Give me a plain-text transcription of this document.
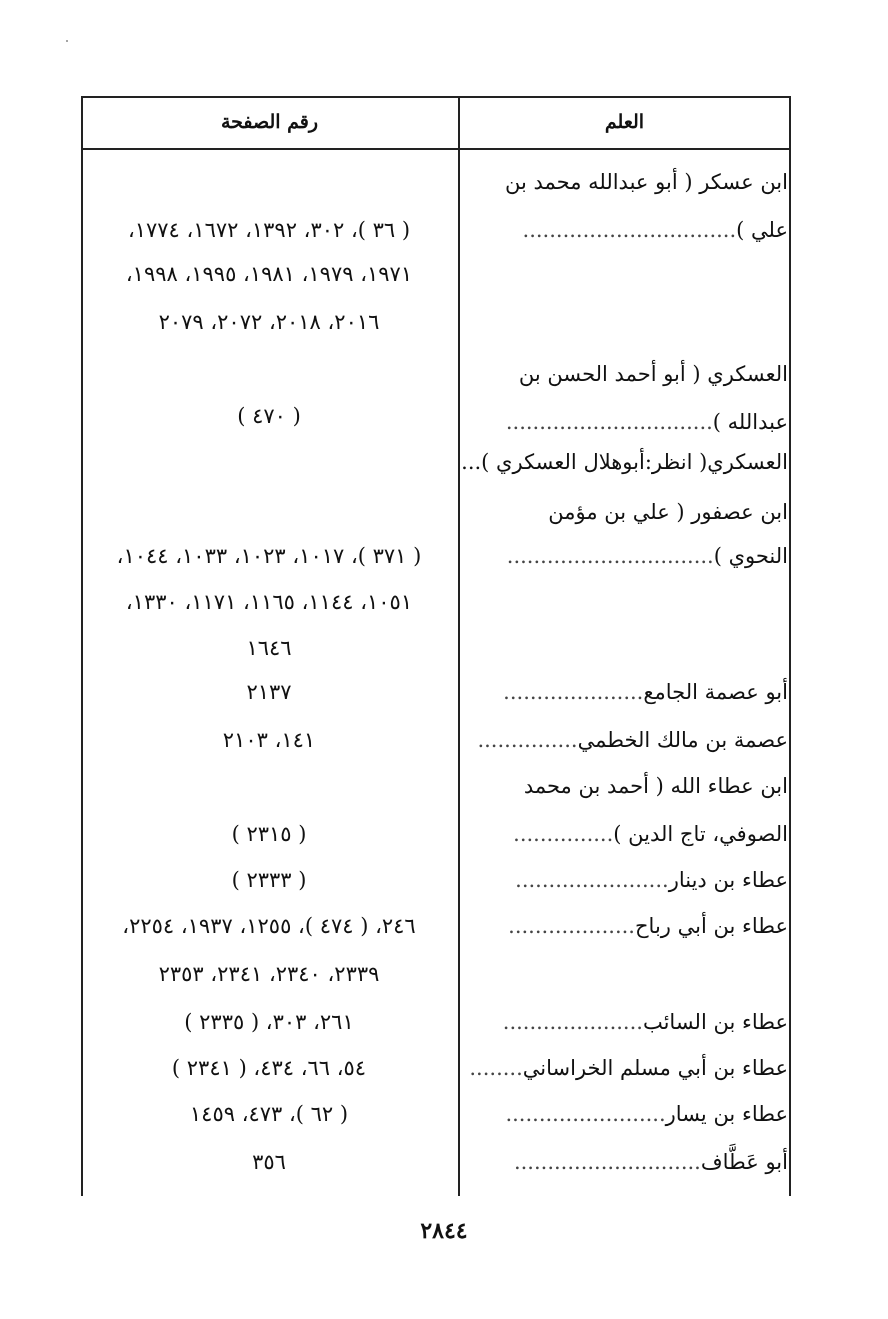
العلم
رقم الصفحة
ابن عسكر ( أبو عبدالله محمد بن
علي )................................
العسكري ( أبو أحمد الحسن بن
عبدالله )...............................
العسكري( انظر:أبوهلال العسكري )...
ابن عصفور ( علي بن مؤمن
النحوي )...............................
أبو عصمة الجامع.....................
عصمة بن مالك الخطمي...............
ابن عطاء الله ( أحمد بن محمد
الصوفي، تاج الدين )...............
عطاء بن دينار.......................
عطاء بن أبي رباح...................
عطاء بن السائب.....................
عطاء بن أبي مسلم الخراساني........
عطاء بن يسار........................
أبو عَطَّاف............................
( ٣٦ )، ٣٠٢، ١٣٩٢، ١٦٧٢، ١٧٧٤،
١٩٧١، ١٩٧٩، ١٩٨١، ١٩٩٥، ١٩٩٨،
٢٠١٦، ٢٠١٨، ٢٠٧٢، ٢٠٧٩
( ٤٧٠ )
( ٣٧١ )، ١٠١٧، ١٠٢٣، ١٠٣٣، ١٠٤٤،
١٠٥١، ١١٤٤، ١١٦٥، ١١٧١، ١٣٣٠،
١٦٤٦
٢١٣٧
١٤١، ٢١٠٣
( ٢٣١٥ )
( ٢٣٣٣ )
٢٤٦، ( ٤٧٤ )، ١٢٥٥، ١٩٣٧، ٢٢٥٤،
٢٣٣٩، ٢٣٤٠، ٢٣٤١، ٢٣٥٣
٢٦١، ٣٠٣، ( ٢٣٣٥ )
٥٤، ٦٦، ٤٣٤، ( ٢٣٤١ )
( ٦٢ )، ٤٧٣، ١٤٥٩
٣٥٦
٢٨٤٤
